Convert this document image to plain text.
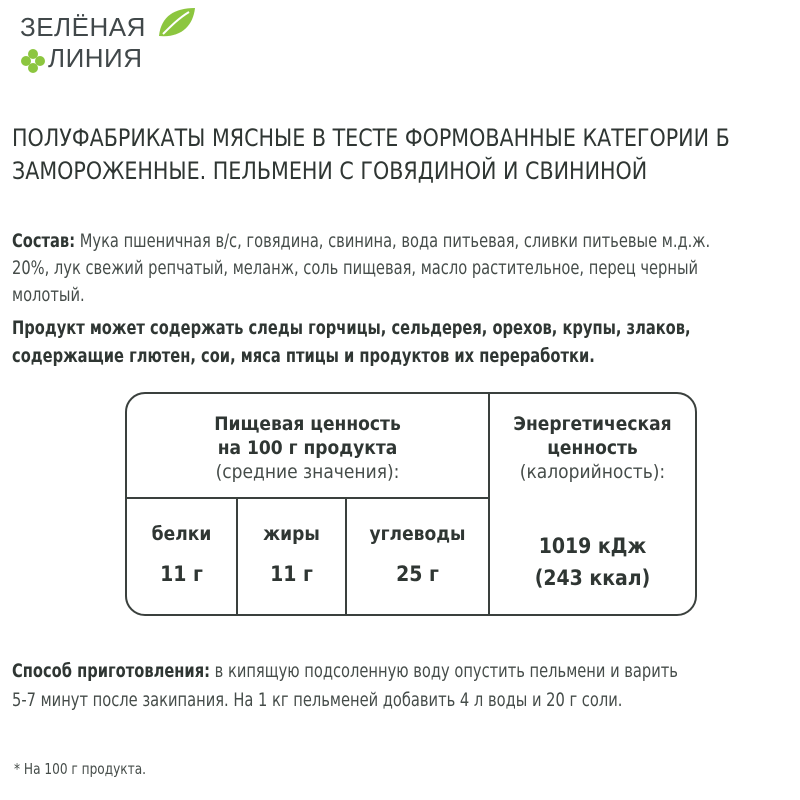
ЗЕЛЁНАЯ
ЛИНИЯ
ПОЛУФАБРИКАТЫ МЯСНЫЕ В ТЕСТЕ ФОРМОВАННЫЕ КАТЕГОРИИ Б
ЗАМОРОЖЕННЫЕ. ПЕЛЬМЕНИ С ГОВЯДИНОЙ И СВИНИНОЙ
Состав: Мука пшеничная в/с, говядина, свинина, вода питьевая, сливки питьевые м.д.ж.
20%, лук свежий репчатый, меланж, соль пищевая, масло растительное, перец черный
молотый.
Продукт может содержать следы горчицы, сельдерея, орехов, крупы, злаков,
содержащие глютен, сои, мяса птицы и продуктов их переработки.
Пищевая ценность
на 100 г продукта
(средние значения):
Энергетическая
ценность
(калорийность):
белки
11 г
жиры
11 г
углеводы
25 г
1019 кДж
(243 ккал)
Способ приготовления: в кипящую подсоленную воду опустить пельмени и варить
5-7 минут после закипания. На 1 кг пельменей добавить 4 л воды и 20 г соли.
* На 100 г продукта.
